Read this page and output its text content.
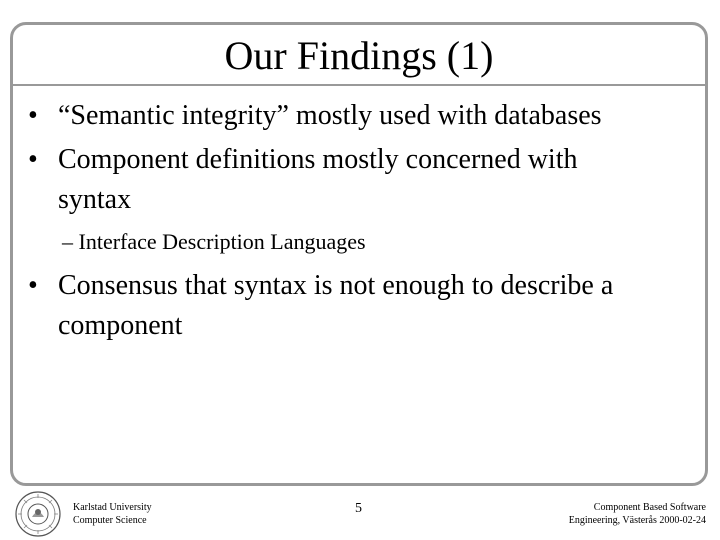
Our Findings (1)
• “Semantic integrity” mostly used with databases
• Component definitions mostly concerned with
syntax
– Interface Description Languages
• Consensus that syntax is not enough to describe a
component
Karlstad University
Computer Science
5	Component Based Software
Engineering, Västerås 2000-02-24
